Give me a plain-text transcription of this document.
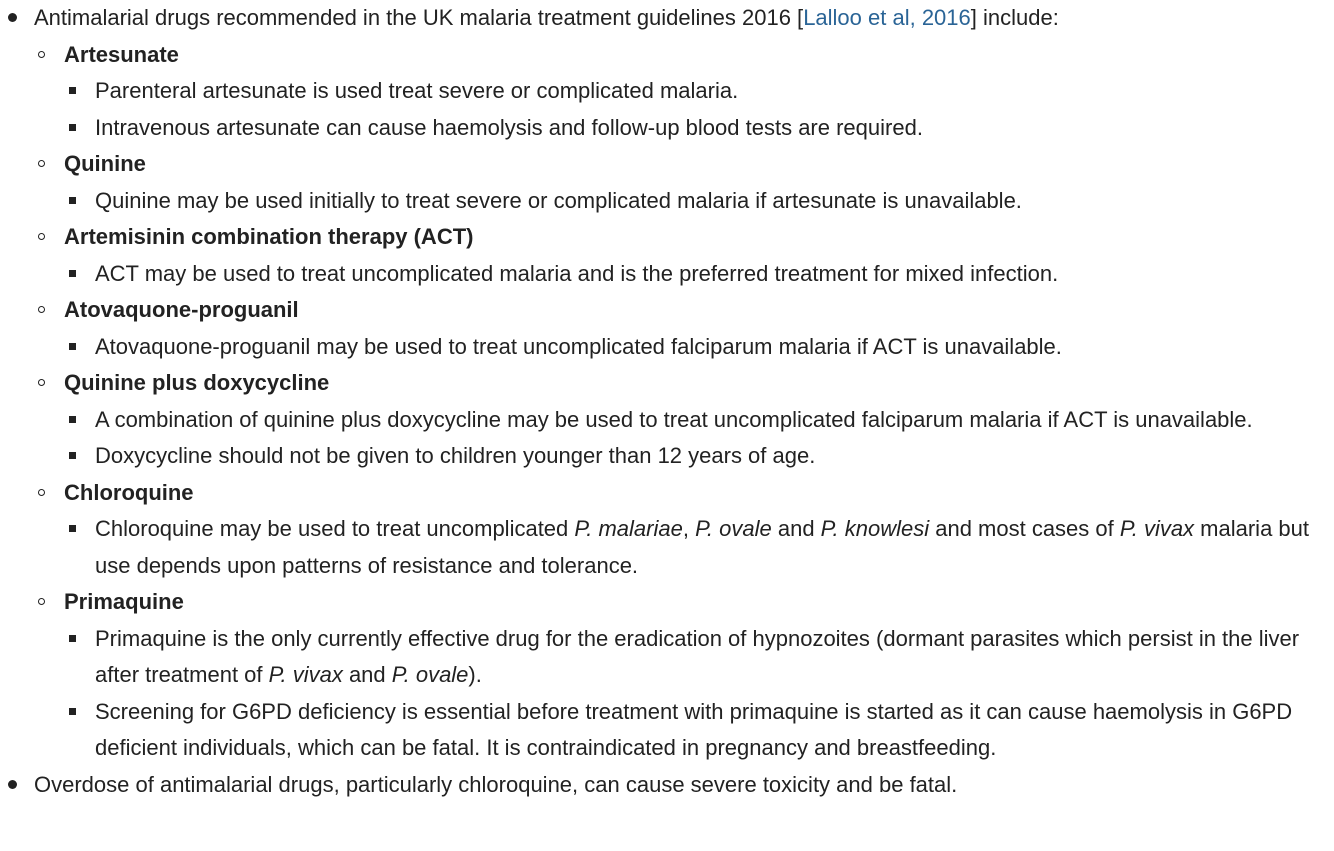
Antimalarial drugs recommended in the UK malaria treatment guidelines 2016 [Lalloo et al, 2016] include:
Artesunate
Parenteral artesunate is used treat severe or complicated malaria.
Intravenous artesunate can cause haemolysis and follow-up blood tests are required.
Quinine
Quinine may be used initially to treat severe or complicated malaria if artesunate is unavailable.
Artemisinin combination therapy (ACT)
ACT may be used to treat uncomplicated malaria and is the preferred treatment for mixed infection.
Atovaquone-proguanil
Atovaquone-proguanil may be used to treat uncomplicated falciparum malaria if ACT is unavailable.
Quinine plus doxycycline
A combination of quinine plus doxycycline may be used to treat uncomplicated falciparum malaria if ACT is unavailable.
Doxycycline should not be given to children younger than 12 years of age.
Chloroquine
Chloroquine may be used to treat uncomplicated P. malariae, P. ovale and P. knowlesi and most cases of P. vivax malaria but use depends upon patterns of resistance and tolerance.
Primaquine
Primaquine is the only currently effective drug for the eradication of hypnozoites (dormant parasites which persist in the liver after treatment of P. vivax and P. ovale).
Screening for G6PD deficiency is essential before treatment with primaquine is started as it can cause haemolysis in G6PD deficient individuals, which can be fatal. It is contraindicated in pregnancy and breastfeeding.
Overdose of antimalarial drugs, particularly chloroquine, can cause severe toxicity and be fatal.
